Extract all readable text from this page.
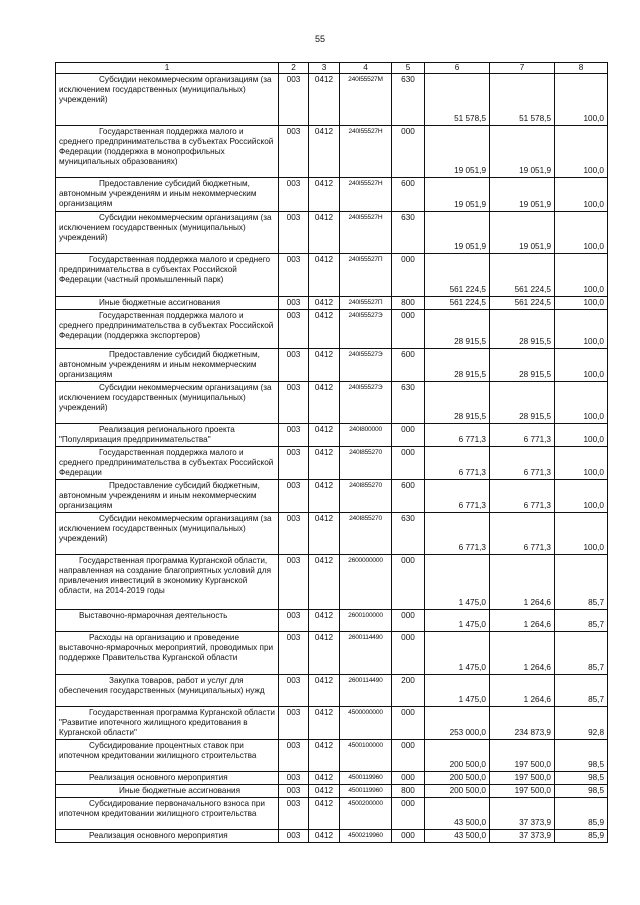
55
1	2	3	4	5	6	7	8
Субсидии некоммерческим организациям (за исключением государственных (муниципальных) учреждений)	003	0412	240I55527M	630	51 578,5	51 578,5	100,0
Государственная поддержка малого и среднего предпринимательства в субъектах Российской Федерации (поддержка в монопрофильных муниципальных образованиях)	003	0412	240I55527Н	000	19 051,9	19 051,9	100,0
Предоставление субсидий бюджетным, автономным учреждениям и иным некоммерческим организациям	003	0412	240I55527Н	600	19 051,9	19 051,9	100,0
Субсидии некоммерческим организациям (за исключением государственных (муниципальных) учреждений)	003	0412	240I55527Н	630	19 051,9	19 051,9	100,0
Государственная поддержка малого и среднего предпринимательства в субъектах Российской Федерации (частный промышленный парк)	003	0412	240I55527П	000	561 224,5	561 224,5	100,0
Иные бюджетные ассигнования	003	0412	240I55527П	800	561 224,5	561 224,5	100,0
Государственная поддержка малого и среднего предпринимательства в субъектах Российской Федерации (поддержка экспортеров)	003	0412	240I55527Э	000	28 915,5	28 915,5	100,0
Предоставление субсидий бюджетным, автономным учреждениям и иным некоммерческим организациям	003	0412	240I55527Э	600	28 915,5	28 915,5	100,0
Субсидии некоммерческим организациям (за исключением государственных (муниципальных) учреждений)	003	0412	240I55527Э	630	28 915,5	28 915,5	100,0
Реализация регионального проекта "Популяризация предпринимательства"	003	0412	240I800000	000	6 771,3	6 771,3	100,0
Государственная поддержка малого и среднего предпринимательства в субъектах Российской Федерации	003	0412	240I855270	000	6 771,3	6 771,3	100,0
Предоставление субсидий бюджетным, автономным учреждениям и иным некоммерческим организациям	003	0412	240I855270	600	6 771,3	6 771,3	100,0
Субсидии некоммерческим организациям (за исключением государственных (муниципальных) учреждений)	003	0412	240I855270	630	6 771,3	6 771,3	100,0
Государственная программа Курганской области, направленная на создание благоприятных условий для привлечения инвестиций в экономику Курганской области, на 2014-2019 годы	003	0412	2600000000	000	1 475,0	1 264,6	85,7
Выставочно-ярмарочная деятельность	003	0412	2600100000	000	1 475,0	1 264,6	85,7
Расходы на организацию и проведение выставочно-ярмарочных мероприятий, проводимых при поддержке Правительства Курганской области	003	0412	2600114490	000	1 475,0	1 264,6	85,7
Закупка товаров, работ и услуг для обеспечения государственных (муниципальных) нужд	003	0412	2600114490	200	1 475,0	1 264,6	85,7
Государственная программа Курганской области "Развитие ипотечного жилищного кредитования в Курганской области"	003	0412	4500000000	000	253 000,0	234 873,9	92,8
Субсидирование процентных ставок при ипотечном кредитовании жилищного строительства	003	0412	4500100000	000	200 500,0	197 500,0	98,5
Реализация основного мероприятия	003	0412	4500119960	000	200 500,0	197 500,0	98,5
Иные бюджетные ассигнования	003	0412	4500119960	800	200 500,0	197 500,0	98,5
Субсидирование первоначального взноса при ипотечном кредитовании жилищного строительства	003	0412	4500200000	000	43 500,0	37 373,9	85,9
Реализация основного мероприятия	003	0412	4500219960	000	43 500,0	37 373,9	85,9
